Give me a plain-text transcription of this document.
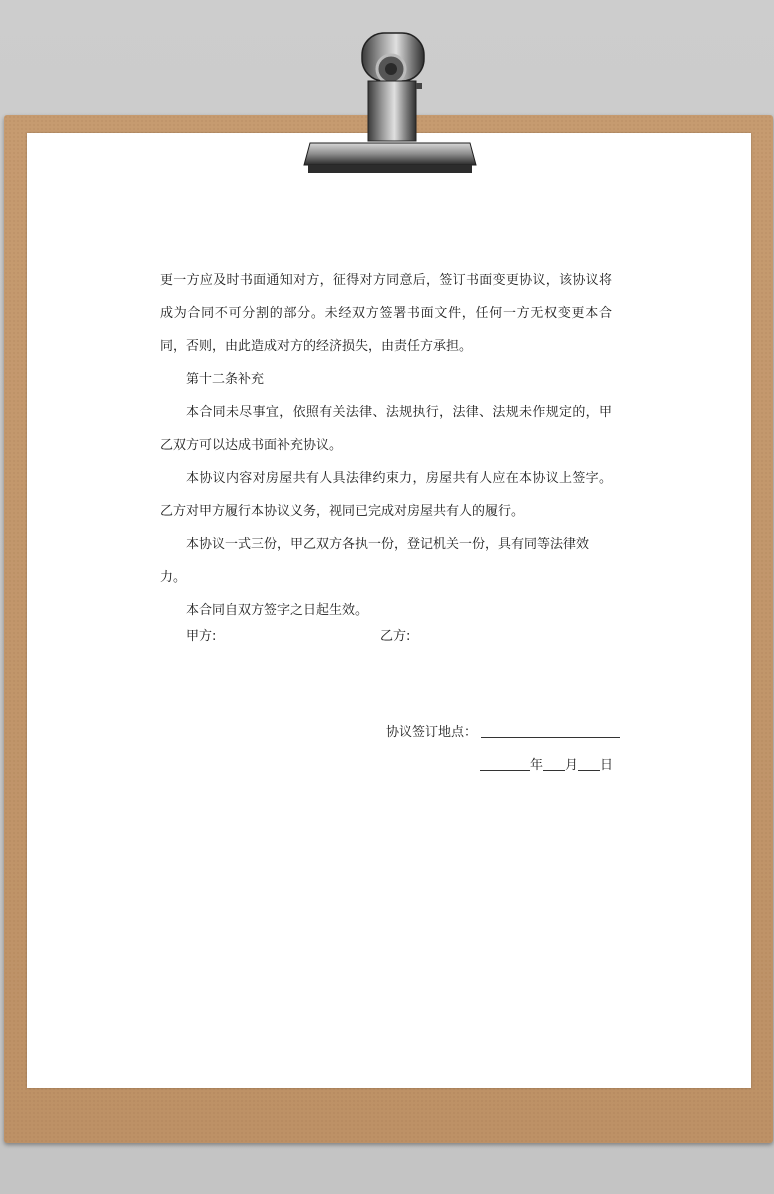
更一方应及时书面通知对方，征得对方同意后，签订书面变更协议，该协议将成为合同不可分割的部分。未经双方签署书面文件，任何一方无权变更本合同，否则，由此造成对方的经济损失，由责任方承担。

第十二条补充

本合同未尽事宜，依照有关法律、法规执行，法律、法规未作规定的，甲乙双方可以达成书面补充协议。

本协议内容对房屋共有人具法律约束力，房屋共有人应在本协议上签字。乙方对甲方履行本协议义务，视同已完成对房屋共有人的履行。

本协议一式三份，甲乙双方各执一份，登记机关一份，具有同等法律效力。

本合同自双方签字之日起生效。

甲方:	乙方:
协议签订地点：
年 月 日
